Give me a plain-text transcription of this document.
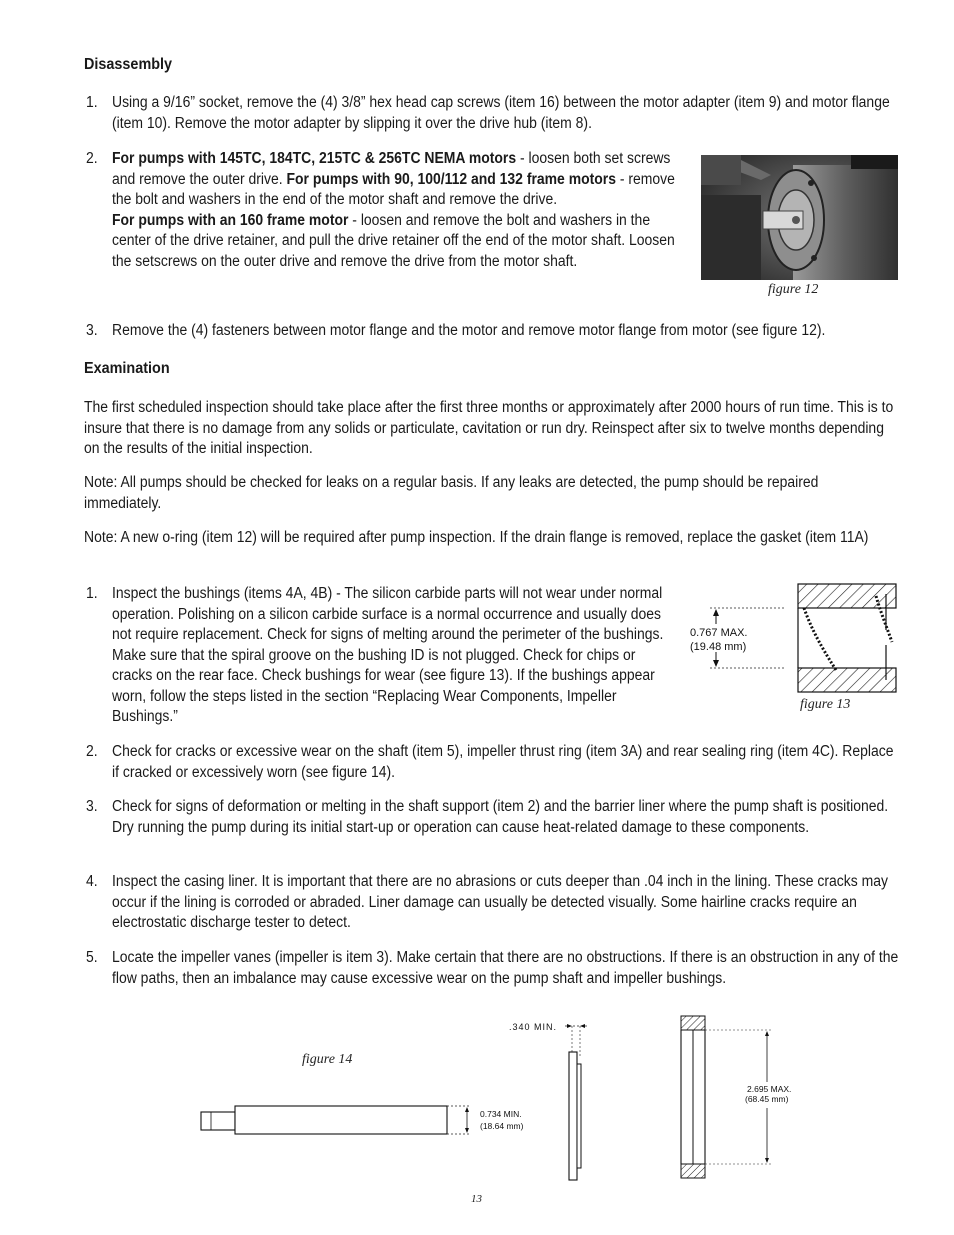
Disassembly
1. Using a 9/16” socket, remove the (4) 3/8” hex head cap screws (item 16) between the motor adapter (item 9) and motor flange (item 10). Remove the motor adapter by slipping it over the drive hub (item 8).
2. For pumps with 145TC, 184TC, 215TC & 256TC NEMA motors - loosen both set screws and remove the outer drive. For pumps with 90, 100/112 and 132 frame motors - remove the bolt and washers in the end of the motor shaft and remove the drive.
For pumps with an 160 frame motor - loosen and remove the bolt and washers in the center of the drive retainer, and pull the drive retainer off the end of the motor shaft. Loosen the setscrews on the outer drive and remove the drive from the motor shaft.
figure 12
3. Remove the (4) fasteners between motor flange and the motor and remove motor flange from motor (see figure 12).
Examination
The first scheduled inspection should take place after the first three months or approximately after 2000 hours of run time. This is to insure that there is no damage from any solids or particulate, cavitation or run dry. Reinspect after six to twelve months depending on the results of the initial inspection.
Note: All pumps should be checked for leaks on a regular basis. If any leaks are detected, the pump should be repaired immediately.
Note: A new o-ring (item 12) will be required after pump inspection. If the drain flange is removed, replace the gasket (item 11A)
1. Inspect the bushings (items 4A, 4B) - The silicon carbide parts will not wear under normal operation. Polishing on a silicon carbide surface is a normal occurrence and usually does not require replacement. Check for signs of melting around the perimeter of the bushings. Make sure that the spiral groove on the bushing ID is not plugged. Check for chips or cracks on the rear face. Check bushings for wear (see figure 13). If the bushings appear worn, follow the steps listed in the section “Replacing Wear Components, Impeller Bushings.”
0.767 MAX.
(19.48 mm)
figure 13
2. Check for cracks or excessive wear on the shaft (item 5), impeller thrust ring (item 3A) and rear sealing ring (item 4C). Replace if cracked or excessively worn (see figure 14).
3. Check for signs of deformation or melting in the shaft support (item 2) and the barrier liner where the pump shaft is positioned. Dry running the pump during its initial start-up or operation can cause heat-related damage to these components.
4. Inspect the casing liner. It is important that there are no abrasions or cuts deeper than .04 inch in the lining. These cracks may occur if the lining is corroded or abraded. Liner damage can usually be detected visually. Some hairline cracks require an electrostatic discharge tester to detect.
5. Locate the impeller vanes (impeller is item 3). Make certain that there are no obstructions. If there is an obstruction in any of the flow paths, then an imbalance may cause excessive wear on the pump shaft and impeller bushings.
figure 14
0.734 MIN.
(18.64 mm)
.340 MIN.
2.695 MAX.
(68.45 mm)
13
